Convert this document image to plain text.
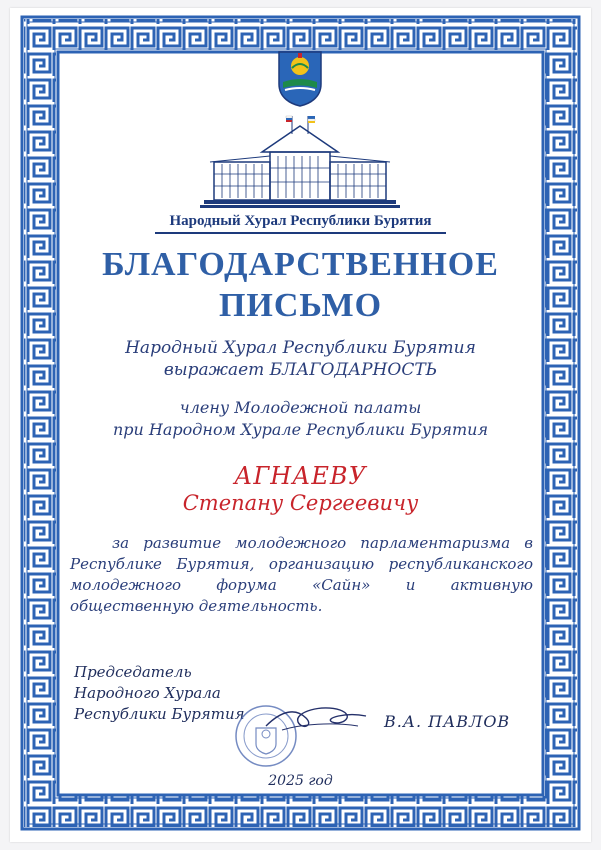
Народный Хурал Республики Бурятия
БЛАГОДАРСТВЕННОЕ
ПИСЬМО
Народный Хурал Республики Бурятия
выражает БЛАГОДАРНОСТЬ
члену Молодежной палаты
при Народном Хурале Республики Бурятия
АГНАЕВУ
Степану Сергеевичу
за развитие молодежного парламентаризма в Республике Бурятия, организацию республиканского молодежного форума «Сайн» и активную общественную деятельность.
Председатель
Народного Хурала
Республики Бурятия	В.А. ПАВЛОВ
2025 год
